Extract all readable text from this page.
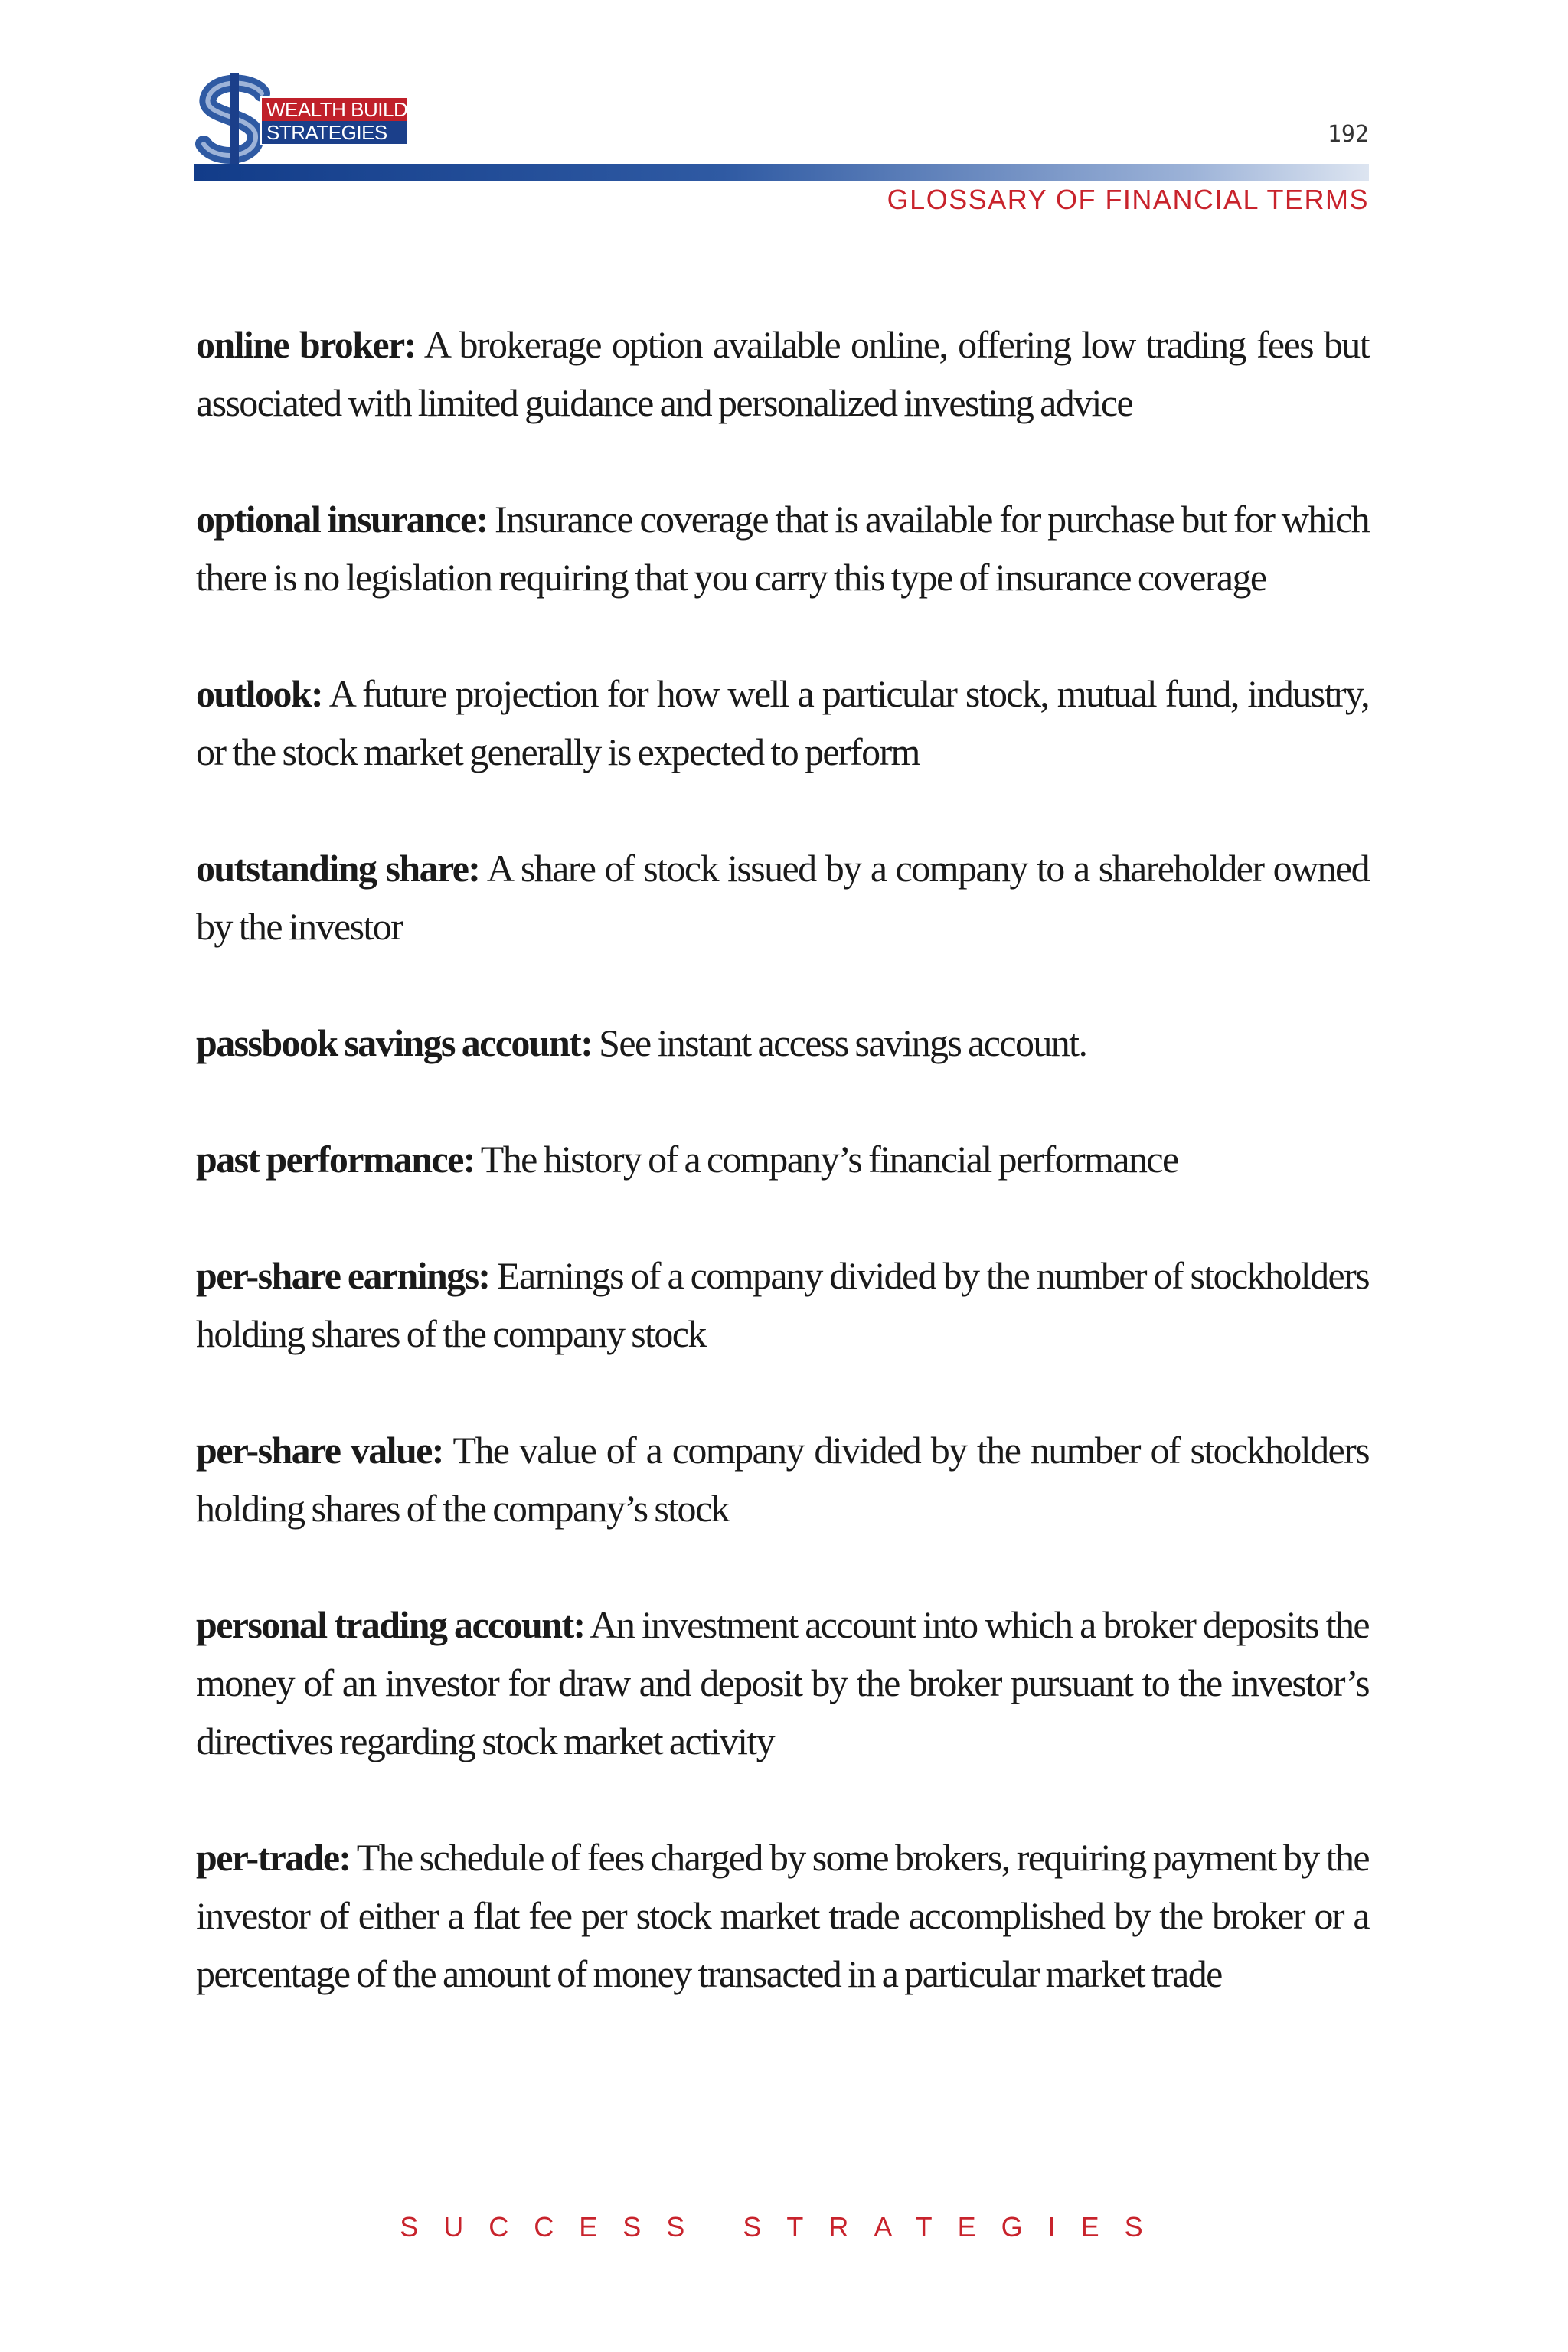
WEALTH BUILDING
STRATEGIES	192
GLOSSARY OF FINANCIAL TERMS

online broker: A brokerage option available online, offering low trading fees but associated with limited guidance and personalized investing advice

optional insurance: Insurance coverage that is available for purchase but for which there is no legislation requiring that you carry this type of insurance coverage

outlook: A future projection for how well a particular stock, mutual fund, industry, or the stock market generally is expected to perform

outstanding share: A share of stock issued by a company to a shareholder owned by the investor

passbook savings account: See instant access savings account.

past performance: The history of a company’s financial performance

per-share earnings: Earnings of a company divided by the number of stockholders holding shares of the company stock

per-share value: The value of a company divided by the number of stockholders holding shares of the company’s stock

personal trading account: An investment account into which a broker deposits the money of an investor for draw and deposit by the broker pursuant to the investor’s directives regarding stock market activity

per-trade: The schedule of fees charged by some brokers, requiring payment by the investor of either a flat fee per stock market trade accomplished by the broker or a percentage of the amount of money transacted in a particular market trade

SUCCESS STRATEGIES
